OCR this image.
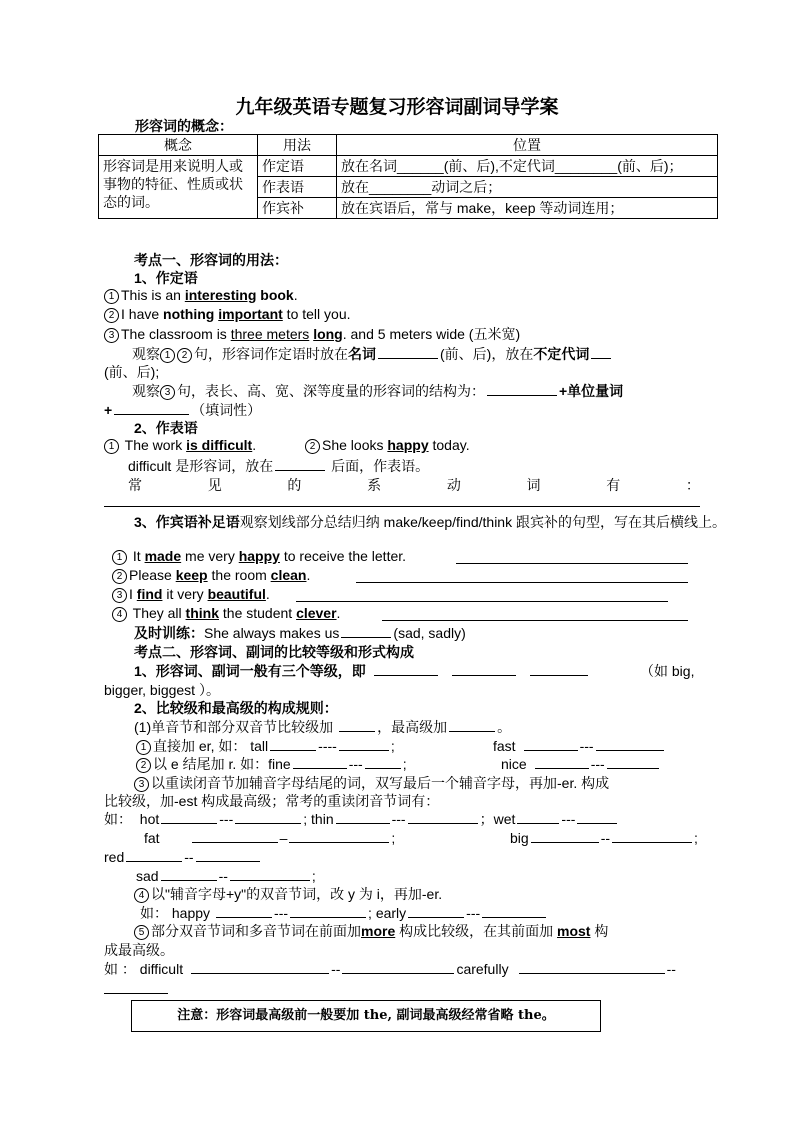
九年级英语专题复习形容词副词导学案
形容词的概念：
概念	用法	位置
形容词是用来说明人或事物的特征、性质或状态的词。	作定语	放在名词______(前、后),不定代词________(前、后)；
	作表语	放在________动词之后；
	作宾补	放在宾语后，常与 make，keep 等动词连用；
考点一、形容词的用法：
1、作定语
1 This is an interesting book.
2 I have nothing important to tell you.
3 The classroom is three meters long. and 5 meters wide (五米宽)
观察 1 2 句，形容词作定语时放在名词	(前、后)，放在不定代词
(前、后);
观察 3 句，表长、高、宽、深等度量的形容词的结构为：	+单位量词
+	（填词性）
2、作表语
1 The work is difficult.	2 She looks happy today.
difficult 是形容词，放在	后面，作表语。
常	见	的	系	动	词	有	：
3、作宾语补足语观察划线部分总结归纳 make/keep/find/think 跟宾补的句型，写在其后横线上。
1 It made me very happy to receive the letter.
2 Please keep the room clean.
3 I find it very beautiful.
4 They all think the student clever.
及时训练：She always makes us	(sad, sadly)
考点二、形容词、副词的比较等级和形式构成
1、形容词、副词一般有三个等级，即	（如 big,
bigger, biggest ）。
2、比较级和最高级的构成规则：
(1)单音节和部分双音节比较级加	，最高级加	。
1 直接加 er, 如： tall	----	;	fast	---
2 以 e 结尾加 r. 如：fine	---	;	nice	---
3 以重读闭音节加辅音字母结尾的词，双写最后一个辅音字母，再加-er. 构成
比较级，加-est 构成最高级；常考的重读闭音节词有：
如： hot	---	; thin	---	；wet	---
fat	–	;	big	--	;
red	--
sad	--	;
4 以"辅音字母+y"的双音节词，改 y 为 i，再加-er.
如： happy	---	; early	---
5 部分双音节词和多音节词在前面加more 构成比较级，在其前面加 most 构
成最高级。
如 ： difficult	--	carefully	--
注意：形容词最高级前一般要加 the, 副词最高级经常省略 the。
